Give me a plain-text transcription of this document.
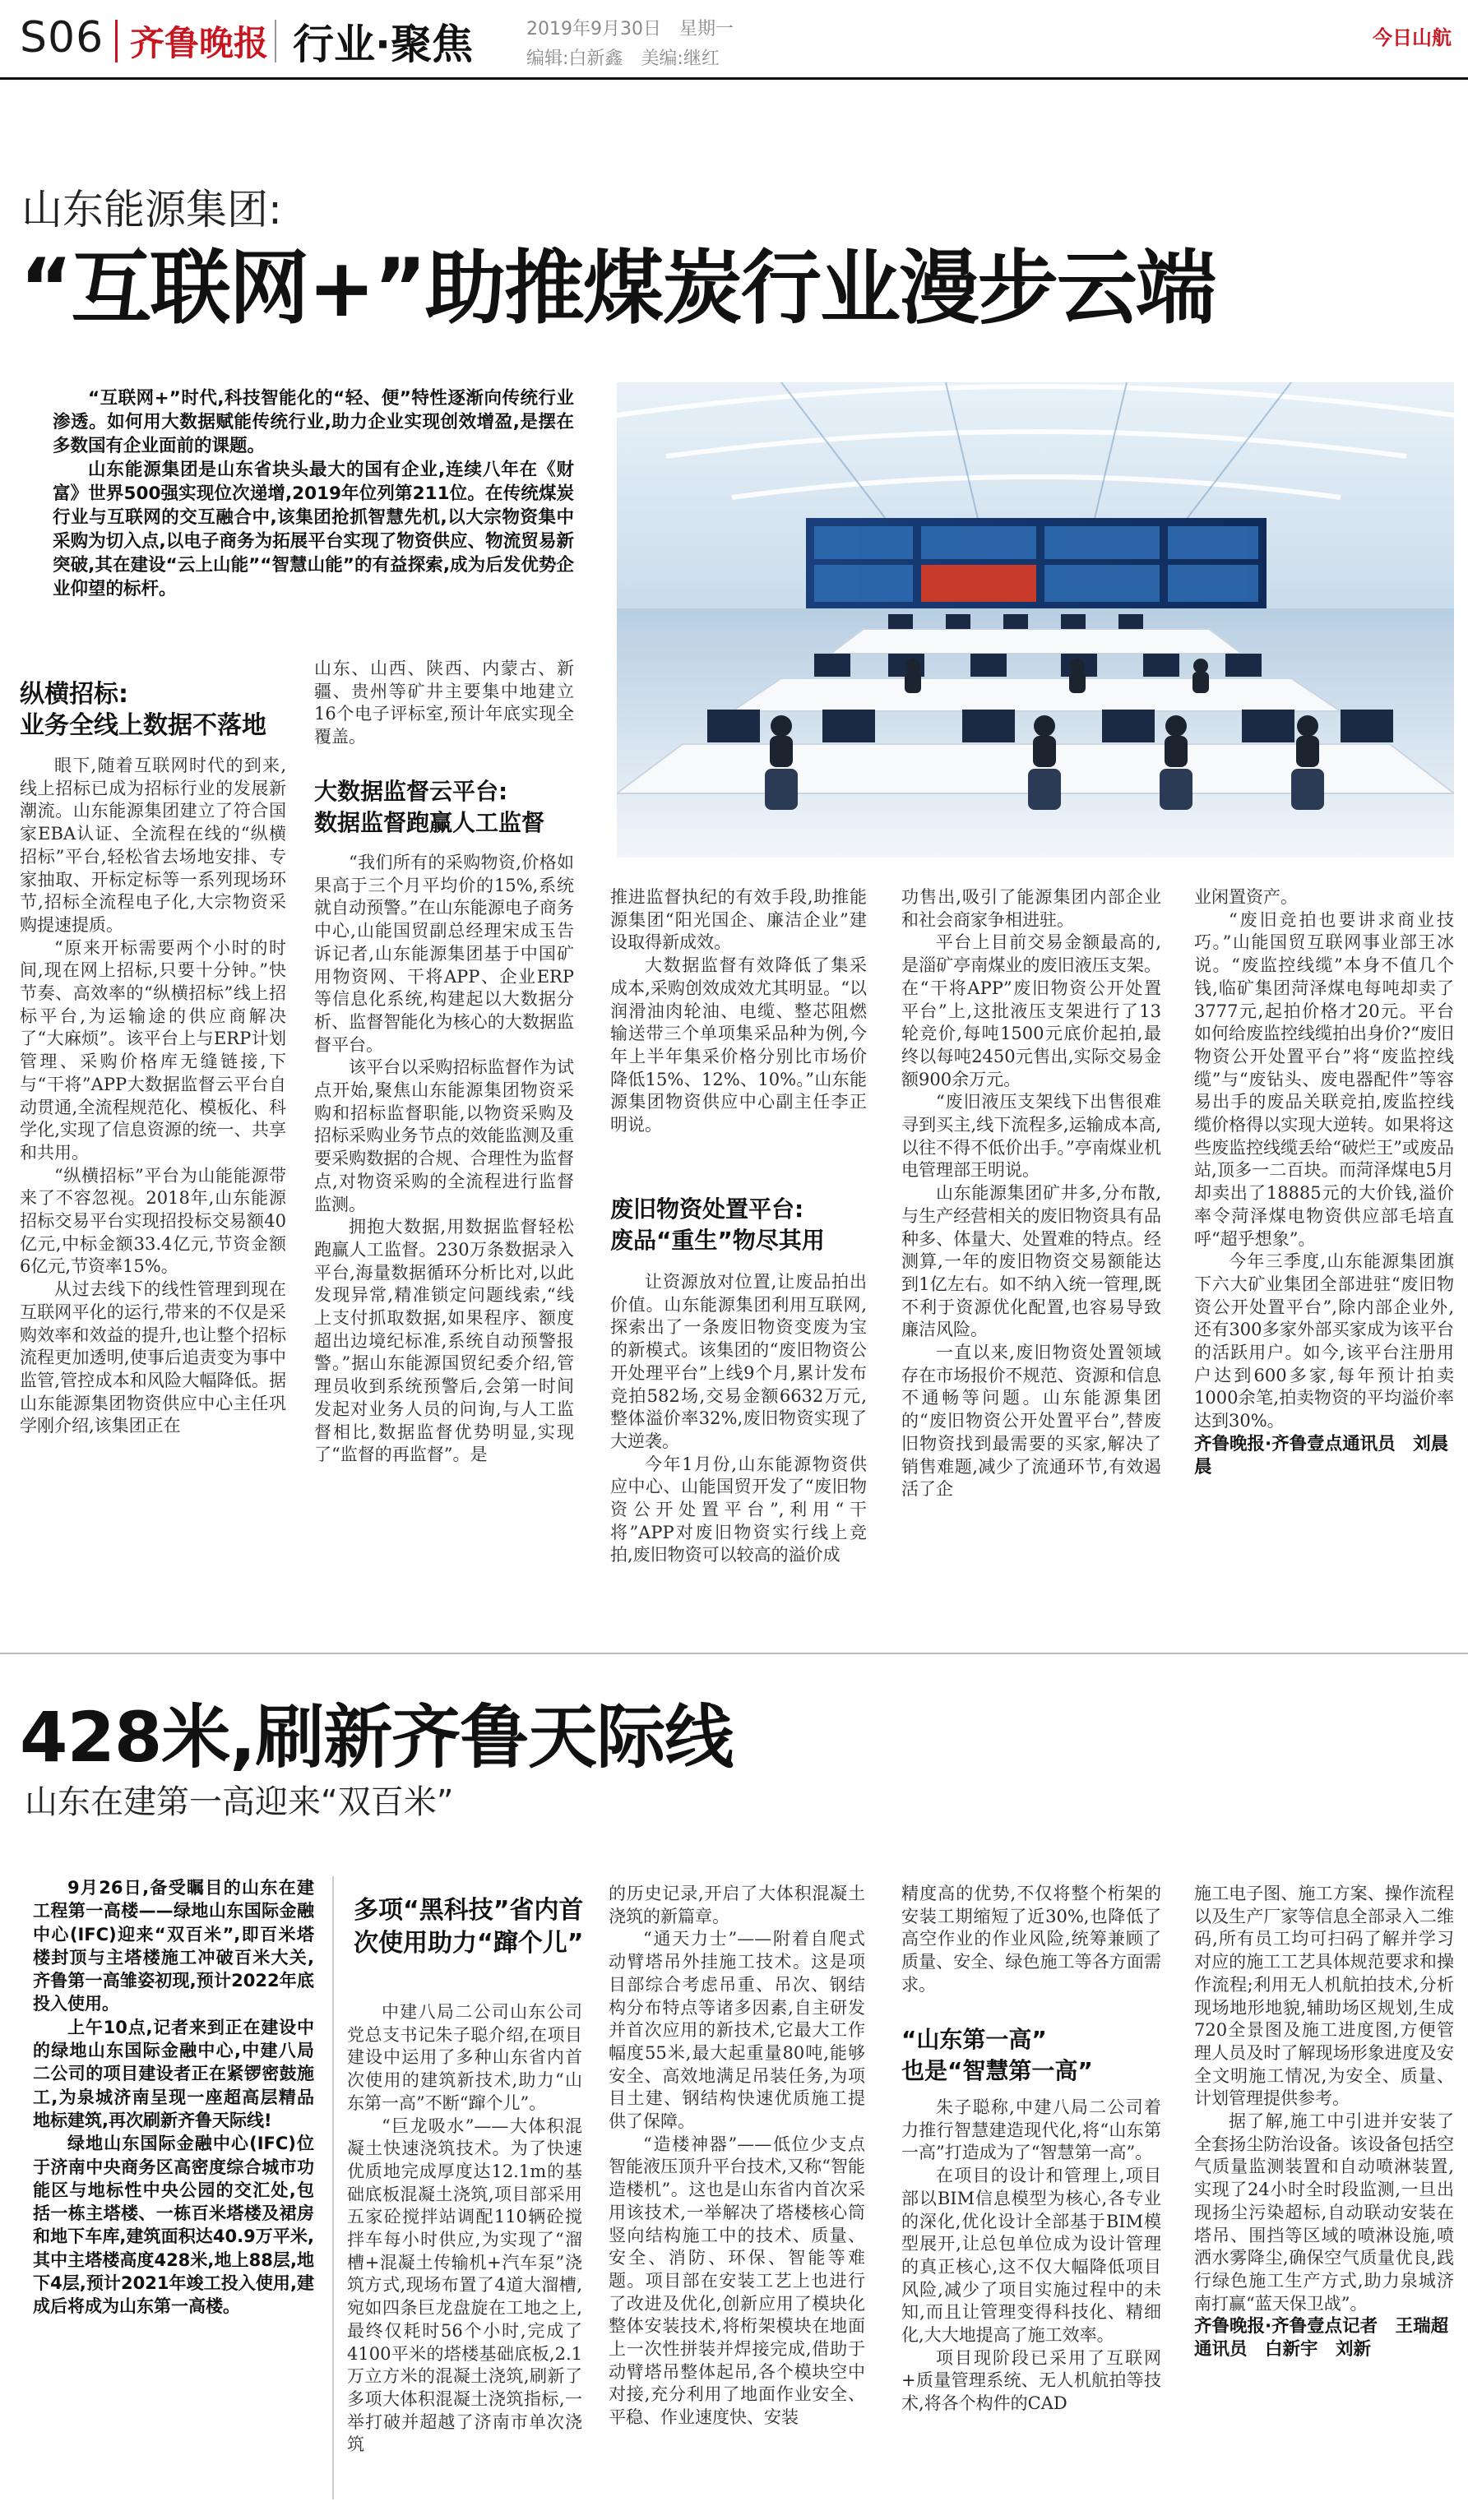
S06 齐鲁晚报 行业·聚焦	2019年9月30日　星期一
编辑:白新鑫　美编:继红
今日山航
山东能源集团:
“互联网+”助推煤炭行业漫步云端

“互联网+”时代,科技智能化的“轻、便”特性逐渐向传统行业渗透。如何用大数据赋能传统行业,助力企业实现创效增盈,是摆在多数国有企业面前的课题。

山东能源集团是山东省块头最大的国有企业,连续八年在《财富》世界500强实现位次递增,2019年位列第211位。在传统煤炭行业与互联网的交互融合中,该集团抢抓智慧先机,以大宗物资集中采购为切入点,以电子商务为拓展平台实现了物资供应、物流贸易新突破,其在建设“云上山能”“智慧山能”的有益探索,成为后发优势企业仰望的标杆。

纵横招标:
业务全线上数据不落地

眼下,随着互联网时代的到来,线上招标已成为招标行业的发展新潮流。山东能源集团建立了符合国家EBA认证、全流程在线的“纵横招标”平台,轻松省去场地安排、专家抽取、开标定标等一系列现场环节,招标全流程电子化,大宗物资采购提速提质。

“原来开标需要两个小时的时间,现在网上招标,只要十分钟。”快节奏、高效率的“纵横招标”线上招标平台,为运输途的供应商解决了“大麻烦”。该平台上与ERP计划管理、采购价格库无缝链接,下与“干将”APP大数据监督云平台自动贯通,全流程规范化、模板化、科学化,实现了信息资源的统一、共享和共用。

“纵横招标”平台为山能能源带来了不容忽视。2018年,山东能源招标交易平台实现招投标交易额40亿元,中标金额33.4亿元,节资金额6亿元,节资率15%。

从过去线下的线性管理到现在互联网平化的运行,带来的不仅是采购效率和效益的提升,也让整个招标流程更加透明,使事后追责变为事中监管,管控成本和风险大幅降低。据山东能源集团物资供应中心主任巩学刚介绍,该集团正在

山东、山西、陕西、内蒙古、新疆、贵州等矿井主要集中地建立16个电子评标室,预计年底实现全覆盖。

大数据监督云平台:
数据监督跑赢人工监督

“我们所有的采购物资,价格如果高于三个月平均价的15%,系统就自动预警。”在山东能源电子商务中心,山能国贸副总经理宋成玉告诉记者,山东能源集团基于中国矿用物资网、干将APP、企业ERP等信息化系统,构建起以大数据分析、监督智能化为核心的大数据监督平台。

该平台以采购招标监督作为试点开始,聚焦山东能源集团物资采购和招标监督职能,以物资采购及招标采购业务节点的效能监测及重要采购数据的合规、合理性为监督点,对物资采购的全流程进行监督监测。

拥抱大数据,用数据监督轻松跑赢人工监督。230万条数据录入平台,海量数据循环分析比对,以此发现异常,精准锁定问题线索,“线上支付抓取数据,如果程序、额度超出边境纪标准,系统自动预警报警。”据山东能源国贸纪委介绍,管理员收到系统预警后,会第一时间发起对业务人员的问询,与人工监督相比,数据监督优势明显,实现了“监督的再监督”。是

推进监督执纪的有效手段,助推能源集团“阳光国企、廉洁企业”建设取得新成效。

大数据监督有效降低了集采成本,采购创效成效尤其明显。“以润滑油肉轮油、电缆、整芯阻燃输送带三个单项集采品种为例,今年上半年集采价格分别比市场价降低15%、12%、10%。”山东能源集团物资供应中心副主任李正明说。

废旧物资处置平台:
废品“重生”物尽其用

让资源放对位置,让废品拍出价值。山东能源集团利用互联网,探索出了一条废旧物资变废为宝的新模式。该集团的“废旧物资公开处理平台”上线9个月,累计发布竞拍582场,交易金额6632万元,整体溢价率32%,废旧物资实现了大逆袭。

今年1月份,山东能源物资供应中心、山能国贸开发了“废旧物资公开处置平台”,利用“干将”APP对废旧物资实行线上竞拍,废旧物资可以较高的溢价成

功售出,吸引了能源集团内部企业和社会商家争相进驻。

平台上目前交易金额最高的,是淄矿亭南煤业的废旧液压支架。在“干将APP”废旧物资公开处置平台”上,这批液压支架进行了13轮竞价,每吨1500元底价起拍,最终以每吨2450元售出,实际交易金额900余万元。

“废旧液压支架线下出售很难寻到买主,线下流程多,运输成本高,以往不得不低价出手。”亭南煤业机电管理部王明说。

山东能源集团矿井多,分布散,与生产经营相关的废旧物资具有品种多、体量大、处置难的特点。经测算,一年的废旧物资交易额能达到1亿左右。如不纳入统一管理,既不利于资源优化配置,也容易导致廉洁风险。

一直以来,废旧物资处置领域存在市场报价不规范、资源和信息不通畅等问题。山东能源集团的“废旧物资公开处置平台”,替废旧物资找到最需要的买家,解决了销售难题,减少了流通环节,有效遏活了企

业闲置资产。

“废旧竞拍也要讲求商业技巧。”山能国贸互联网事业部王冰说。“废监控线缆”本身不值几个钱,临矿集团菏泽煤电每吨却卖了3777元,起拍价格才20元。平台如何给废监控线缆拍出身价?“废旧物资公开处置平台”将“废监控线缆”与“废钻头、废电器配件”等容易出手的废品关联竞拍,废监控线缆价格得以实现大逆转。如果将这些废监控线缆丢给“破烂王”或废品站,顶多一二百块。而菏泽煤电5月却卖出了18885元的大价钱,溢价率令菏泽煤电物资供应部毛培直呼“超乎想象”。

今年三季度,山东能源集团旗下六大矿业集团全部进驻“废旧物资公开处置平台”,除内部企业外,还有300多家外部买家成为该平台的活跃用户。如今,该平台注册用户达到600多家,每年预计拍卖1000余笔,拍卖物资的平均溢价率达到30%。

齐鲁晚报·齐鲁壹点通讯员　刘晨晨

428米,刷新齐鲁天际线
山东在建第一高迎来“双百米”

9月26日,备受瞩目的山东在建工程第一高楼——绿地山东国际金融中心(IFC)迎来“双百米”,即百米塔楼封顶与主塔楼施工冲破百米大关,齐鲁第一高雏姿初现,预计2022年底投入使用。

上午10点,记者来到正在建设中的绿地山东国际金融中心,中建八局二公司的项目建设者正在紧锣密鼓施工,为泉城济南呈现一座超高层精品地标建筑,再次刷新齐鲁天际线!

绿地山东国际金融中心(IFC)位于济南中央商务区高密度综合城市功能区与地标性中央公园的交汇处,包括一栋主塔楼、一栋百米塔楼及裙房和地下车库,建筑面积达40.9万平米,其中主塔楼高度428米,地上88层,地下4层,预计2021年竣工投入使用,建成后将成为山东第一高楼。

多项“黑科技”省内首次使用助力“蹿个儿”

中建八局二公司山东公司党总支书记朱子聪介绍,在项目建设中运用了多种山东省内首次使用的建筑新技术,助力“山东第一高”不断“蹿个儿”。

“巨龙吸水”——大体积混凝土快速浇筑技术。为了快速优质地完成厚度达12.1m的基础底板混凝土浇筑,项目部采用五家砼搅拌站调配110辆砼搅拌车每小时供应,为实现了“溜槽+混凝土传输机+汽车泵”浇筑方式,现场布置了4道大溜槽,宛如四条巨龙盘旋在工地之上,最终仅耗时56个小时,完成了4100平米的塔楼基础底板,2.1万立方米的混凝土浇筑,刷新了多项大体积混凝土浇筑指标,一举打破并超越了济南市单次浇筑

的历史记录,开启了大体积混凝土浇筑的新篇章。

“通天力士”——附着自爬式动臂塔吊外挂施工技术。这是项目部综合考虑吊重、吊次、钢结构分布特点等诸多因素,自主研发并首次应用的新技术,它最大工作幅度55米,最大起重量80吨,能够安全、高效地满足吊装任务,为项目土建、钢结构快速优质施工提供了保障。

“造楼神器”——低位少支点智能液压顶升平台技术,又称“智能造楼机”。这也是山东省内首次采用该技术,一举解决了塔楼核心筒竖向结构施工中的技术、质量、安全、消防、环保、智能等难题。项目部在安装工艺上也进行了改进及优化,创新应用了模块化整体安装技术,将桁架模块在地面上一次性拼装并焊接完成,借助于动臂塔吊整体起吊,各个模块空中对接,充分利用了地面作业安全、平稳、作业速度快、安装

精度高的优势,不仅将整个桁架的安装工期缩短了近30%,也降低了高空作业的作业风险,统筹兼顾了质量、安全、绿色施工等各方面需求。

“山东第一高”
也是“智慧第一高”

朱子聪称,中建八局二公司着力推行智慧建造现代化,将“山东第一高”打造成为了“智慧第一高”。

在项目的设计和管理上,项目部以BIM信息模型为核心,各专业的深化,优化设计全部基于BIM模型展开,让总包单位成为设计管理的真正核心,这不仅大幅降低项目风险,减少了项目实施过程中的未知,而且让管理变得科技化、精细化,大大地提高了施工效率。

项目现阶段已采用了互联网+质量管理系统、无人机航拍等技术,将各个构件的CAD

施工电子图、施工方案、操作流程以及生产厂家等信息全部录入二维码,所有员工均可扫码了解并学习对应的施工工艺具体规范要求和操作流程;利用无人机航拍技术,分析现场地形地貌,辅助场区规划,生成720全景图及施工进度图,方便管理人员及时了解现场形象进度及安全文明施工情况,为安全、质量、计划管理提供参考。

据了解,施工中引进并安装了全套扬尘防治设备。该设备包括空气质量监测装置和自动喷淋装置,实现了24小时全时段监测,一旦出现扬尘污染超标,自动联动安装在塔吊、围挡等区域的喷淋设施,喷洒水雾降尘,确保空气质量优良,践行绿色施工生产方式,助力泉城济南打赢“蓝天保卫战”。

齐鲁晚报·齐鲁壹点记者　王瑞超　通讯员　白新宇　刘新
